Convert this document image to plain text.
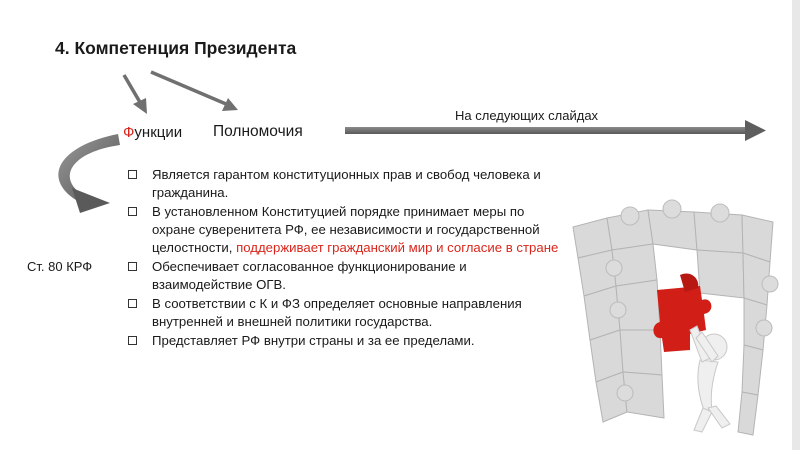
4. Компетенция Президента
Функции Полномочия
На следующих слайдах
Ст. 80 КРФ
Является гарантом конституционных прав и свобод человека и гражданина.
В установленном Конституцией порядке принимает меры по охране суверенитета РФ, ее независимости и государственной целостности, поддерживает гражданский мир и согласие в стране
Обеспечивает согласованное функционирование и взаимодействие ОГВ.
В соответствии с К и ФЗ определяет основные направления внутренней и внешней политики государства.
Представляет РФ внутри страны и за ее пределами.
